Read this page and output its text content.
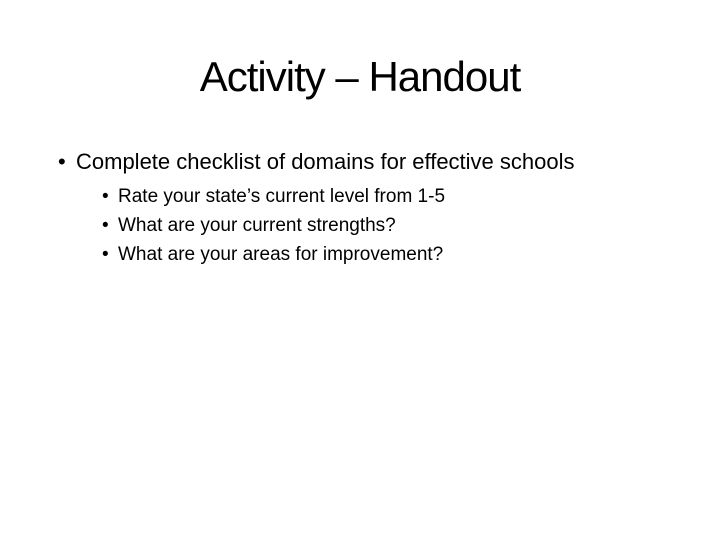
Activity – Handout
• Complete checklist of domains for effective schools
• Rate your state’s current level from 1-5
• What are your current strengths?
• What are your areas for improvement?
